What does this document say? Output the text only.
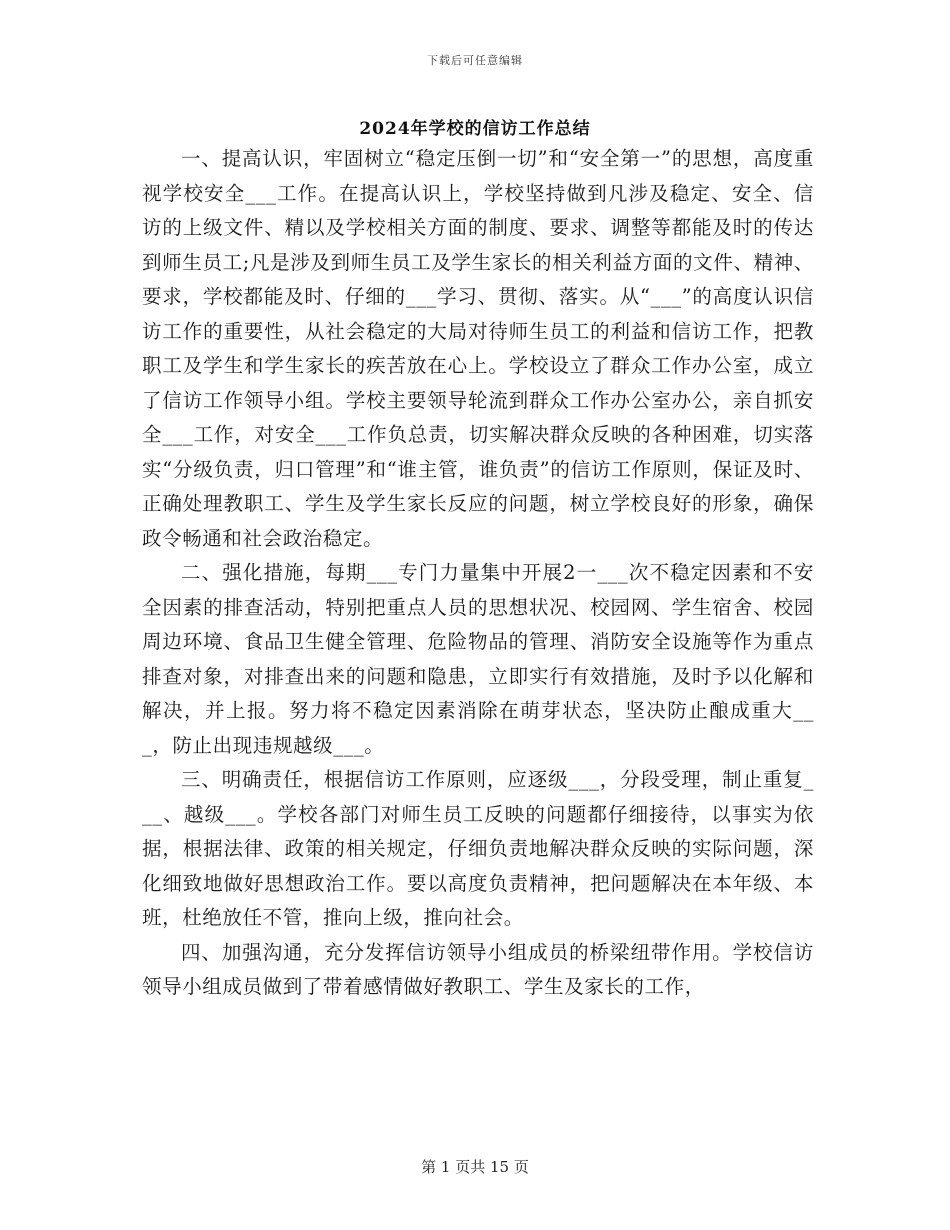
下载后可任意编辑
2024年学校的信访工作总结

一、提高认识，牢固树立“稳定压倒一切”和“安全第一”的思想，高度重视学校安全___工作。在提高认识上，学校坚持做到凡涉及稳定、安全、信访的上级文件、精以及学校相关方面的制度、要求、调整等都能及时的传达到师生员工;凡是涉及到师生员工及学生家长的相关利益方面的文件、精神、要求，学校都能及时、仔细的___学习、贯彻、落实。从“___”的高度认识信访工作的重要性，从社会稳定的大局对待师生员工的利益和信访工作，把教职工及学生和学生家长的疾苦放在心上。学校设立了群众工作办公室，成立了信访工作领导小组。学校主要领导轮流到群众工作办公室办公，亲自抓安全___工作，对安全___工作负总责，切实解决群众反映的各种困难，切实落实“分级负责，归口管理”和“谁主管，谁负责”的信访工作原则，保证及时、正确处理教职工、学生及学生家长反应的问题，树立学校良好的形象，确保政令畅通和社会政治稳定。

二、强化措施，每期___专门力量集中开展2一___次不稳定因素和不安全因素的排查活动，特别把重点人员的思想状况、校园网、学生宿舍、校园周边环境、食品卫生健全管理、危险物品的管理、消防安全设施等作为重点排查对象，对排查出来的问题和隐患，立即实行有效措施，及时予以化解和解决，并上报。努力将不稳定因素消除在萌芽状态，坚决防止酿成重大___，防止出现违规越级___。

三、明确责任，根据信访工作原则，应逐级___，分段受理，制止重复___、越级___。学校各部门对师生员工反映的问题都仔细接待，以事实为依据，根据法律、政策的相关规定，仔细负责地解决群众反映的实际问题，深化细致地做好思想政治工作。要以高度负责精神，把问题解决在本年级、本班，杜绝放任不管，推向上级，推向社会。

四、加强沟通，充分发挥信访领导小组成员的桥梁纽带作用。学校信访领导小组成员做到了带着感情做好教职工、学生及家长的工作，

第 1 页共 15 页
